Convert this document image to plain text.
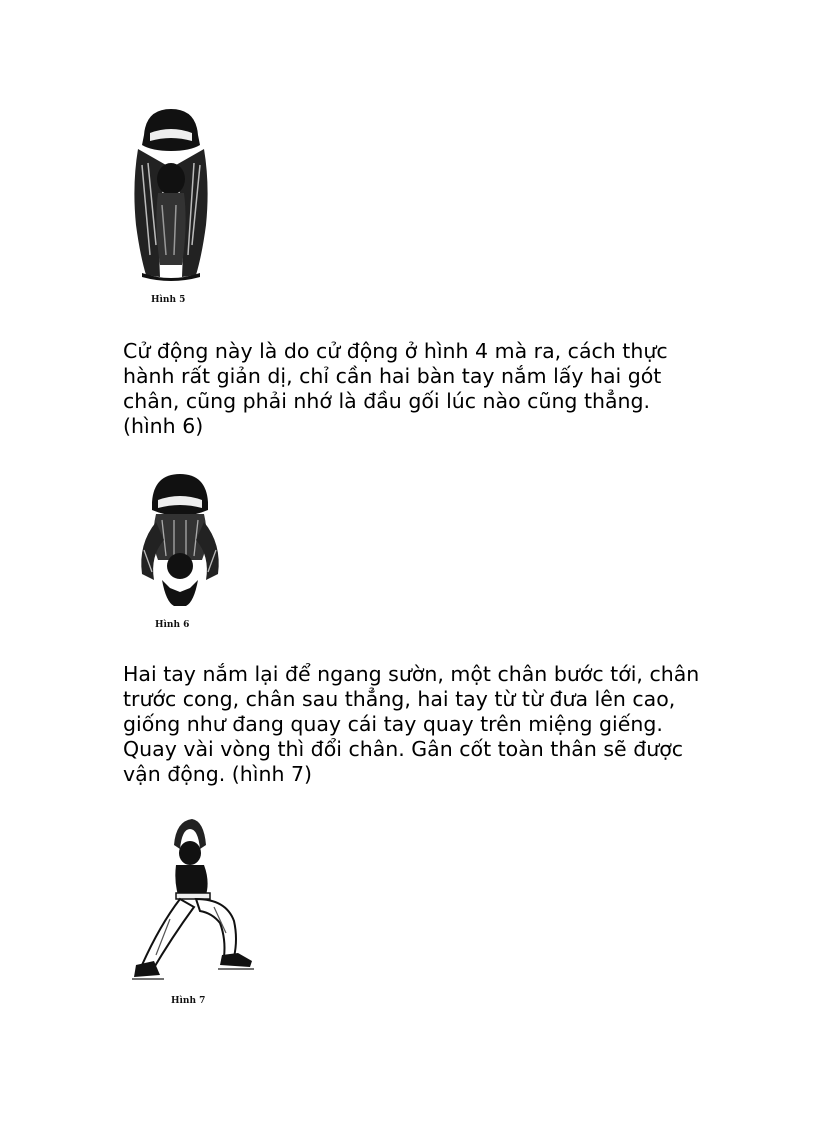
Hình 5

Cử động này là do cử động ở hình 4 mà ra, cách thực
hành rất giản dị, chỉ cần hai bàn tay nắm lấy hai gót
chân, cũng phải nhớ là đầu gối lúc nào cũng thẳng.
(hình 6)

Hình 6

Hai tay nắm lại để ngang sườn, một chân bước tới, chân
trước cong, chân sau thẳng, hai tay từ từ đưa lên cao,
giống như đang quay cái tay quay trên miệng giếng.
Quay vài vòng thì đổi chân. Gân cốt toàn thân sẽ được
vận động. (hình 7)

Hình 7
